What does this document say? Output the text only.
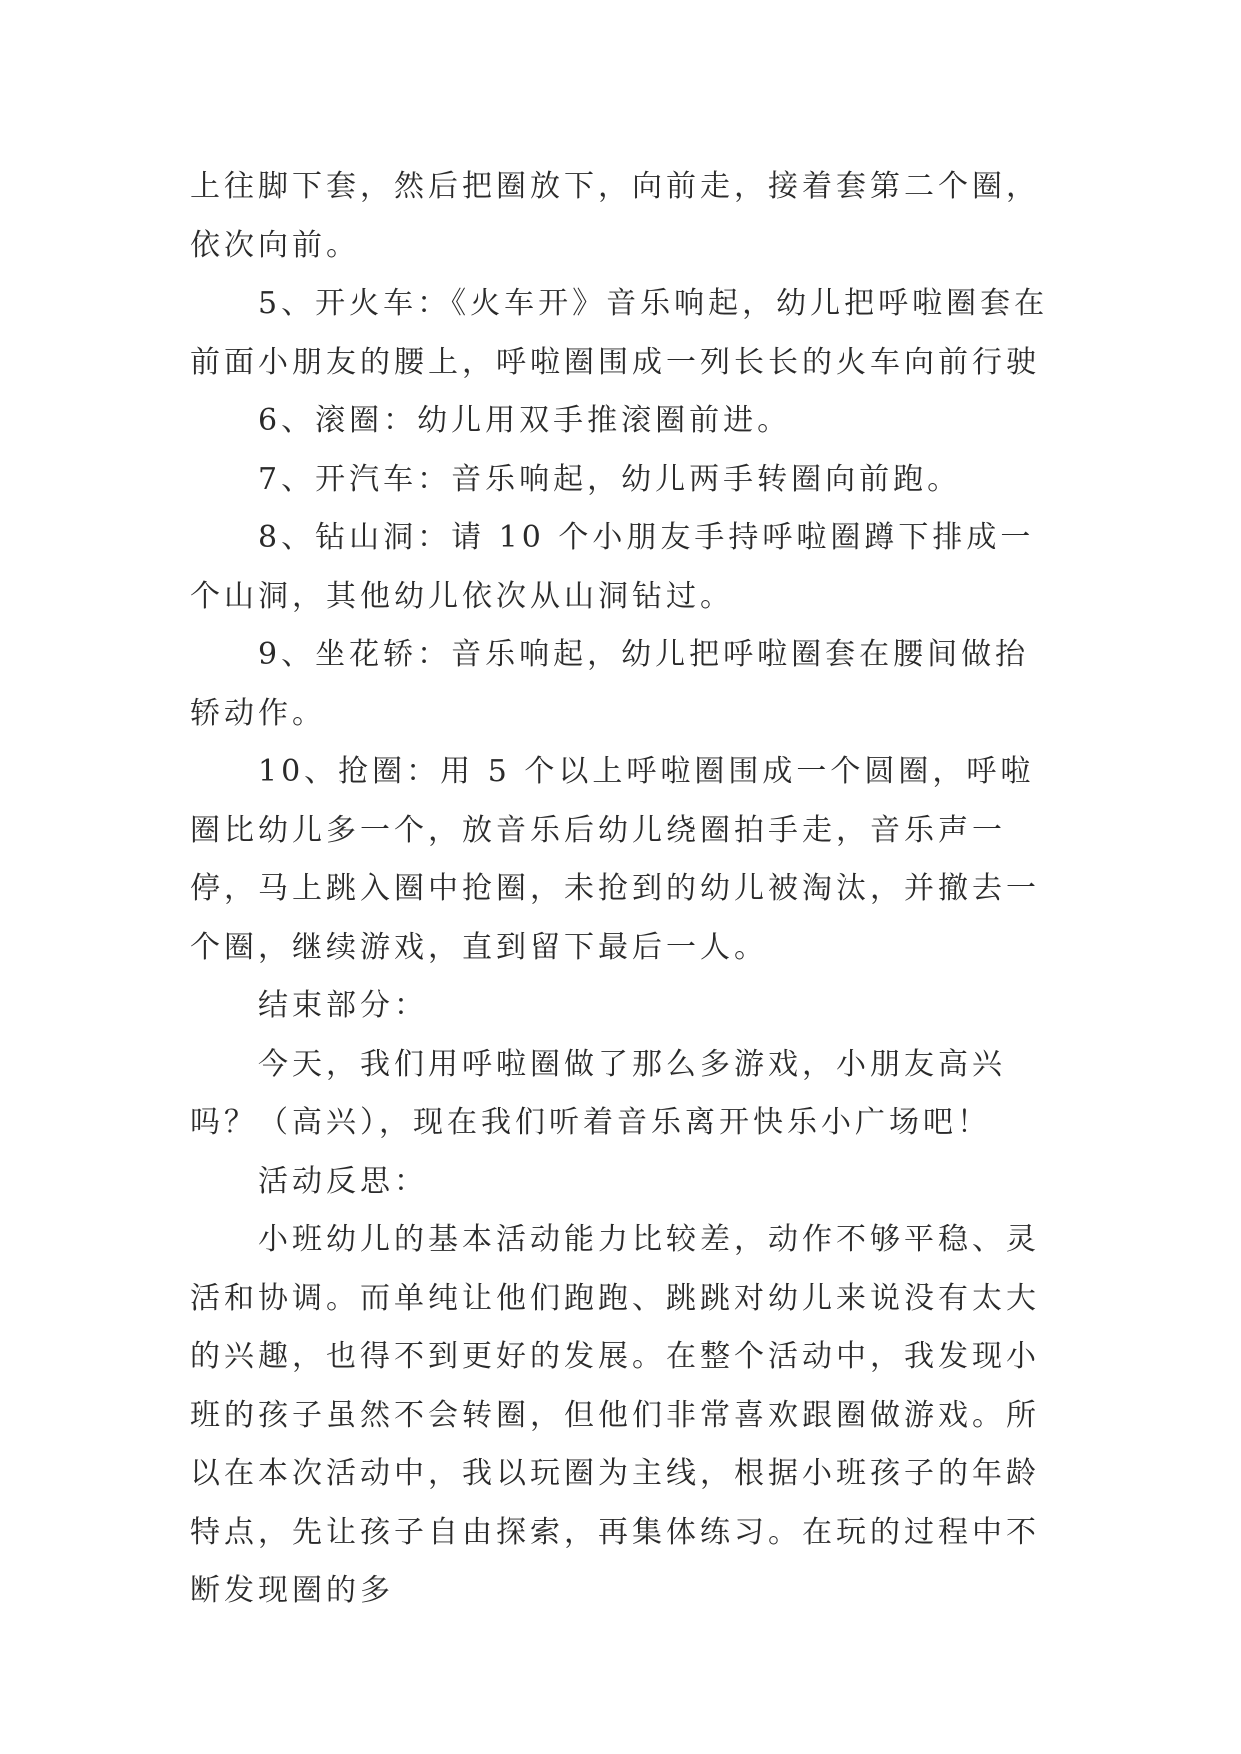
上往脚下套，然后把圈放下，向前走，接着套第二个圈，依次向前。

5、开火车：《火车开》音乐响起，幼儿把呼啦圈套在前面小朋友的腰上，呼啦圈围成一列长长的火车向前行驶

6、滚圈：幼儿用双手推滚圈前进。

7、开汽车：音乐响起，幼儿两手转圈向前跑。

8、钻山洞：请 10 个小朋友手持呼啦圈蹲下排成一个山洞，其他幼儿依次从山洞钻过。

9、坐花轿：音乐响起，幼儿把呼啦圈套在腰间做抬轿动作。

10、抢圈：用 5 个以上呼啦圈围成一个圆圈，呼啦圈比幼儿多一个，放音乐后幼儿绕圈拍手走，音乐声一停，马上跳入圈中抢圈，未抢到的幼儿被淘汰，并撤去一个圈，继续游戏，直到留下最后一人。

结束部分：

今天，我们用呼啦圈做了那么多游戏，小朋友高兴吗？（高兴），现在我们听着音乐离开快乐小广场吧！

活动反思：

小班幼儿的基本活动能力比较差，动作不够平稳、灵活和协调。而单纯让他们跑跑、跳跳对幼儿来说没有太大的兴趣，也得不到更好的发展。在整个活动中，我发现小班的孩子虽然不会转圈，但他们非常喜欢跟圈做游戏。所以在本次活动中，我以玩圈为主线，根据小班孩子的年龄特点，先让孩子自由探索，再集体练习。在玩的过程中不断发现圈的多
